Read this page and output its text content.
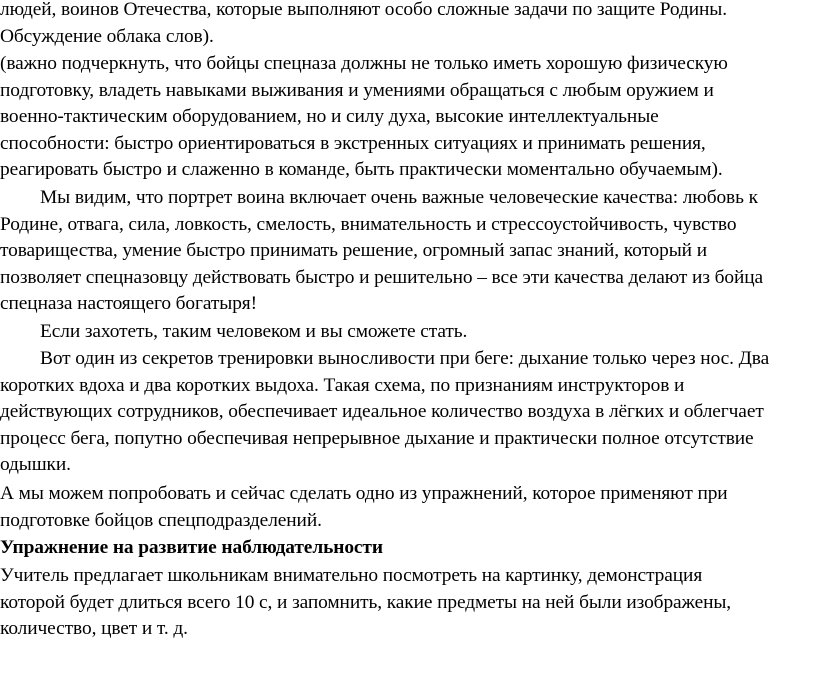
людей, воинов Отечества, которые выполняют особо сложные задачи по защите Родины.
Обсуждение облака слов).

(важно подчеркнуть, что бойцы спецназа должны не только иметь хорошую физическую
подготовку, владеть навыками выживания и умениями обращаться с любым оружием и
военно-тактическим оборудованием, но и силу духа, высокие интеллектуальные
способности: быстро ориентироваться в экстренных ситуациях и принимать решения,
реагировать быстро и слаженно в команде, быть практически моментально обучаемым).

Мы видим, что портрет воина включает очень важные человеческие качества: любовь к
Родине, отвага, сила, ловкость, смелость, внимательность и стрессоустойчивость, чувство
товарищества, умение быстро принимать решение, огромный запас знаний, который и
позволяет спецназовцу действовать быстро и решительно – все эти качества делают из бойца
спецназа настоящего богатыря!

Если захотеть, таким человеком и вы сможете стать.

Вот один из секретов тренировки выносливости при беге: дыхание только через нос. Два
коротких вдоха и два коротких выдоха. Такая схема, по признаниям инструкторов и
действующих сотрудников, обеспечивает идеальное количество воздуха в лёгких и облегчает
процесс бега, попутно обеспечивая непрерывное дыхание и практически полное отсутствие
одышки.

А мы можем попробовать и сейчас сделать одно из упражнений, которое применяют при
подготовке бойцов спецподразделений.

Упражнение на развитие наблюдательности

Учитель предлагает школьникам внимательно посмотреть на картинку, демонстрация
которой будет длиться всего 10 с, и запомнить, какие предметы на ней были изображены,
количество, цвет и т. д.
